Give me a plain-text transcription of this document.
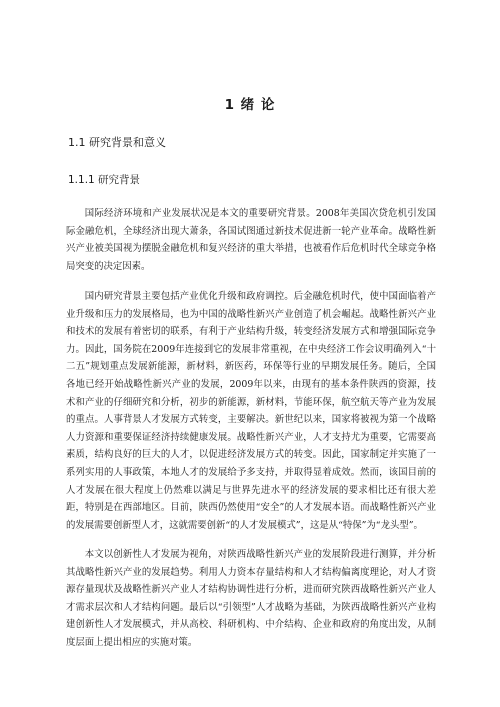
1 绪 论
1.1 研究背景和意义
1.1.1 研究背景

国际经济环境和产业发展状况是本文的重要研究背景。2008年美国次贷危机引发国际金融危机，全球经济出现大萧条，各国试图通过新技术促进新一轮产业革命。战略性新兴产业被美国视为摆脱金融危机和复兴经济的重大举措，也被看作后危机时代全球竞争格局突变的决定因素。

国内研究背景主要包括产业优化升级和政府调控。后金融危机时代，使中国面临着产业升级和压力的发展格局，也为中国的战略性新兴产业创造了机会崛起。战略性新兴产业和技术的发展有着密切的联系，有利于产业结构升级，转变经济发展方式和增强国际竞争力。因此，国务院在2009年连接到它的发展非常重视，在中央经济工作会议明确列入“十二五”规划重点发展新能源，新材料，新医药，环保等行业的早期发展任务。随后，全国各地已经开始战略性新兴产业的发展，2009年以来，由现有的基本条件陕西的资源，技术和产业的仔细研究和分析，初步的新能源，新材料，节能环保，航空航天等产业为发展的重点。人事背景人才发展方式转变，主要解决。新世纪以来，国家将被视为第一个战略人力资源和重要保证经济持续健康发展。战略性新兴产业，人才支持尤为重要，它需要高素质，结构良好的巨大的人才，以促进经济发展方式的转变。因此，国家制定并实施了一系列实用的人事政策，本地人才的发展给予多支持，并取得显着成效。然而，该国目前的人才发展在很大程度上仍然难以满足与世界先进水平的经济发展的要求相比还有很大差距，特别是在西部地区。目前，陕西仍然使用“安全”的人才发展本语。而战略性新兴产业的发展需要创新型人才，这就需要创新“的人才发展模式”，这是从“特保”为“龙头型”。

本文以创新性人才发展为视角，对陕西战略性新兴产业的发展阶段进行测算，并分析其战略性新兴产业的发展趋势。利用人力资本存量结构和人才结构偏离度理论，对人才资源存量现状及战略性新兴产业人才结构协调性进行分析，进而研究陕西战略性新兴产业人才需求层次和人才结构问题。最后以“引领型”人才战略为基础，为陕西战略性新兴产业构建创新性人才发展模式，并从高校、科研机构、中介结构、企业和政府的角度出发，从制度层面上提出相应的实施对策。
